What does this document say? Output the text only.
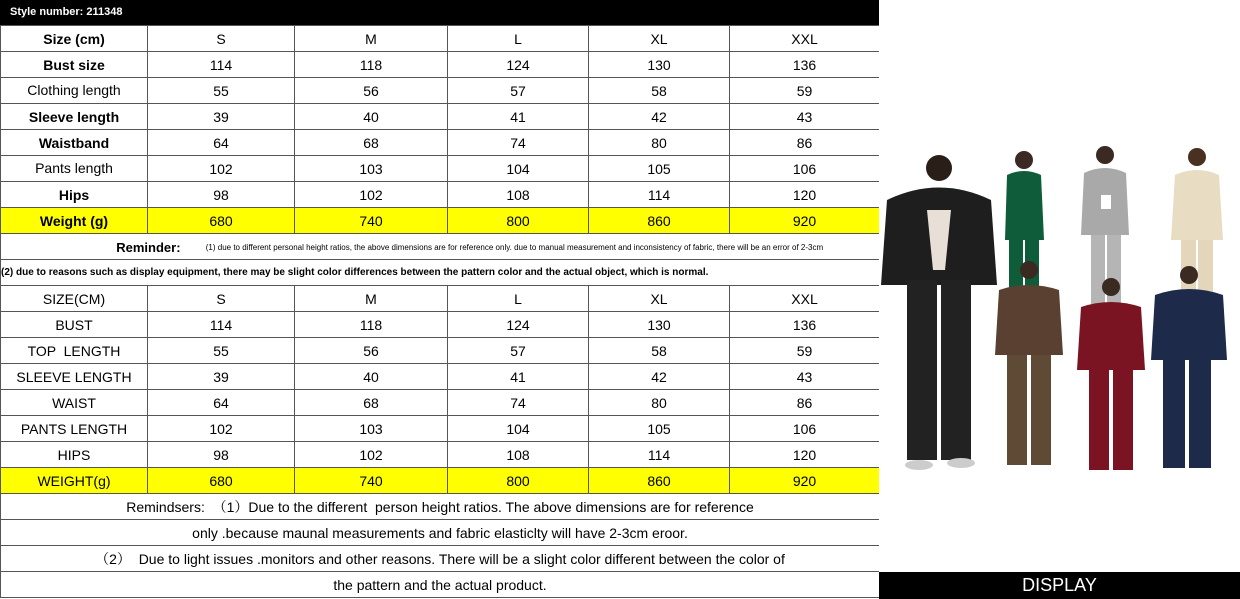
Style number: 211348
Size (cm)	S	M	L	XL	XXL
Bust size	114	118	124	130	136
Clothing length	55	56	57	58	59
Sleeve length	39	40	41	42	43
Waistband	64	68	74	80	86
Pants length	102	103	104	105	106
Hips	98	102	108	114	120
Weight (g)	680	740	800	860	920
Reminder: (1) due to different personal height ratios, the above dimensions are for reference only. due to manual measurement and inconsistency of fabric, there will be an error of 2-3cm					

(2) due to reasons such as display equipment, there may be slight color differences between the pattern color and the actual object, which is normal.					

SIZE(CM)	S	M	L	XL	XXL
BUST	114	118	124	130	136
TOP  LENGTH	55	56	57	58	59
SLEEVE LENGTH	39	40	41	42	43
WAIST	64	68	74	80	86
PANTS LENGTH	102	103	104	105	106
HIPS	98	102	108	114	120
WEIGHT(g)	680	740	800	860	920
Remindsers:  （1）Due to the different  person height ratios. The above dimensions are for reference					
only .because maunal measurements and fabric elasticlty will have 2-3cm eroor.					
（2）  Due to light issues .monitors and other reasons. There will be a slight color different between the color of					
the pattern and the actual product.						DISPLAY
